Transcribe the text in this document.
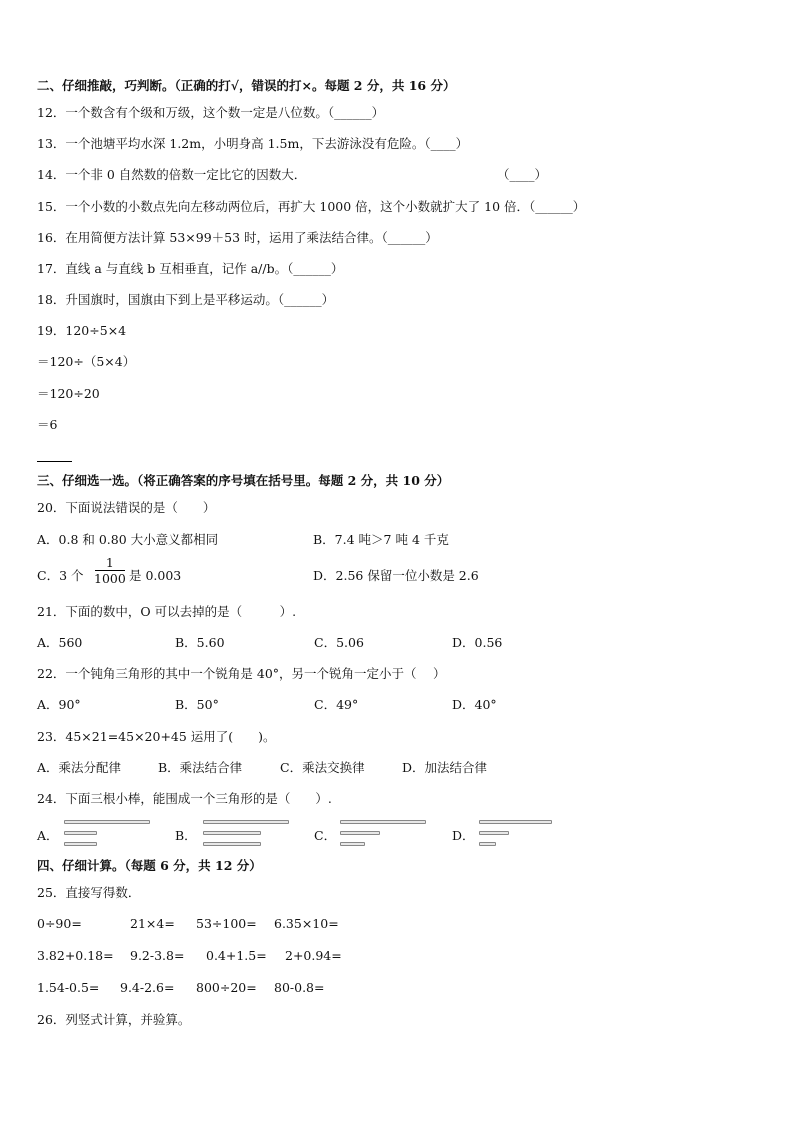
二、仔细推敲，巧判断。（正确的打√，错误的打×。每题 2 分，共 16 分）
12．一个数含有个级和万级，这个数一定是八位数。（______）
13．一个池塘平均水深 1.2m，小明身高 1.5m，下去游泳没有危险。（____）
14．一个非 0 自然数的倍数一定比它的因数大．	（____）
15．一个小数的小数点先向左移动两位后，再扩大 1000 倍，这个小数就扩大了 10 倍．（______）
16．在用简便方法计算 53×99＋53 时，运用了乘法结合律。（______）
17．直线 a 与直线 b 互相垂直，记作 a//b。（______）
18．升国旗时，国旗由下到上是平移运动。（______）
19．120÷5×4
＝120÷（5×4）
＝120÷20
＝6
三、仔细选一选。（将正确答案的序号填在括号里。每题 2 分，共 10 分）
20．下面说法错误的是（　　）
A．0.8 和 0.80 大小意义都相同	B．7.4 吨＞7 吨 4 千克
C．3 个
1
1000 是 0.003	D．2.56 保留一位小数是 2.6
21．下面的数中，O 可以去掉的是（　　　）.
A．560	B．5.60	C．5.06	D．0.56
22．一个钝角三角形的其中一个锐角是 40°，另一个锐角一定小于（　 ）
A．90°	B．50°	C．49°	D．40°
23．45×21=45×20+45 运用了(　　)。
A．乘法分配律	B．乘法结合律	C．乘法交换律	D．加法结合律
24．下面三根小棒，能围成一个三角形的是（　　）.
A．	B．	C．	D．
四、仔细计算。（每题 6 分，共 12 分）
25．直接写得数．
0÷90=	21×4= 53÷100= 6.35×10=
3.82+0.18= 9.2-3.8= 0.4+1.5= 2+0.94=
1.54-0.5= 9.4-2.6= 800÷20= 80-0.8=
26．列竖式计算，并验算。
